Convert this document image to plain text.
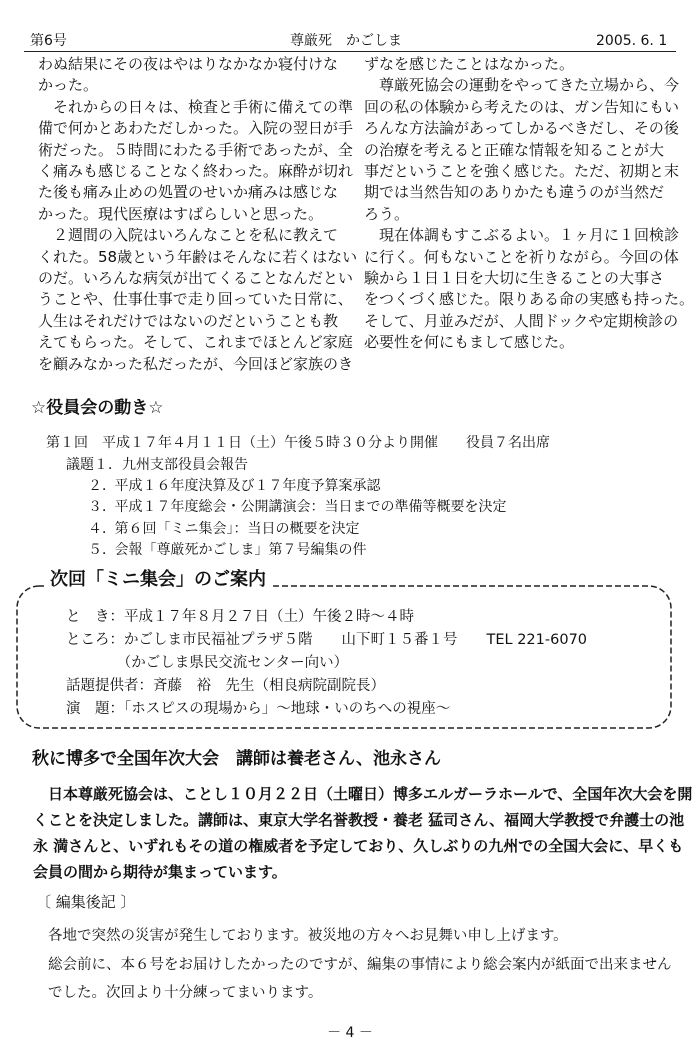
第6号	尊厳死　かごしま	2005. 6. 1

わぬ結果にその夜はやはりなかなか寝付けな

かった。

　それからの日々は、検査と手術に備えての準

備で何かとあわただしかった。入院の翌日が手

術だった。５時間にわたる手術であったが、全

く痛みも感じることなく終わった。麻酔が切れ

た後も痛み止めの処置のせいか痛みは感じな

かった。現代医療はすばらしいと思った。

　２週間の入院はいろんなことを私に教えて

くれた。58歳という年齢はそんなに若くはない

のだ。いろんな病気が出てくることなんだとい

うことや、仕事仕事で走り回っていた日常に、

人生はそれだけではないのだということも教

えてもらった。そして、これまでほとんど家庭

を顧みなかった私だったが、今回ほど家族のき

ずなを感じたことはなかった。

　尊厳死協会の運動をやってきた立場から、今

回の私の体験から考えたのは、ガン告知にもい

ろんな方法論があってしかるべきだし、その後

の治療を考えると正確な情報を知ることが大

事だということを強く感じた。ただ、初期と末

期では当然告知のありかたも違うのが当然だ

ろう。

　現在体調もすこぶるよい。１ヶ月に１回検診

に行く。何もないことを祈りながら。今回の体

験から１日１日を大切に生きることの大事さ

をつくづく感じた。限りある命の実感も持った。

そして、月並みだが、人間ドックや定期検診の

必要性を何にもまして感じた。

☆役員会の動き☆
第１回　平成１７年４月１１日（土）午後５時３０分より開催　　役員７名出席
議題１．九州支部役員会報告
２． 平成１６年度決算及び１７年度予算案承認
３． 平成１７年度総会・公開講演会：当日までの準備等概要を決定
４． 第６回「ミニ集会」：当日の概要を決定
５． 会報「尊厳死かごしま」第７号編集の件
次回「ミニ集会」のご案内
と　き：平成１７年８月２７日（土）午後２時～４時
ところ：かごしま市民福祉プラザ５階　　山下町１５番１号　　TEL 221-6070
　　　　（かごしま県民交流センター向い）
話題提供者：斉藤　裕　先生（相良病院副院長）
演　題：「ホスピスの現場から」～地球・いのちへの視座～
秋に博多で全国年次大会　講師は養老さん、池永さん
　日本尊厳死協会は、ことし１０月２２日（土曜日）博多エルガーラホールで、全国年次大会を開
くことを決定しました。講師は、東京大学名誉教授・養老 猛司さん、福岡大学教授で弁護士の池
永 満さんと、いずれもその道の権威者を予定しており、久しぶりの九州での全国大会に、早くも
会員の間から期待が集まっています。
〔 編集後記 〕
各地で突然の災害が発生しております。被災地の方々へお見舞い申し上げます。
総会前に、本６号をお届けしたかったのですが、編集の事情により総会案内が紙面で出来ません
でした。次回より十分練ってまいります。
－ 4 －
